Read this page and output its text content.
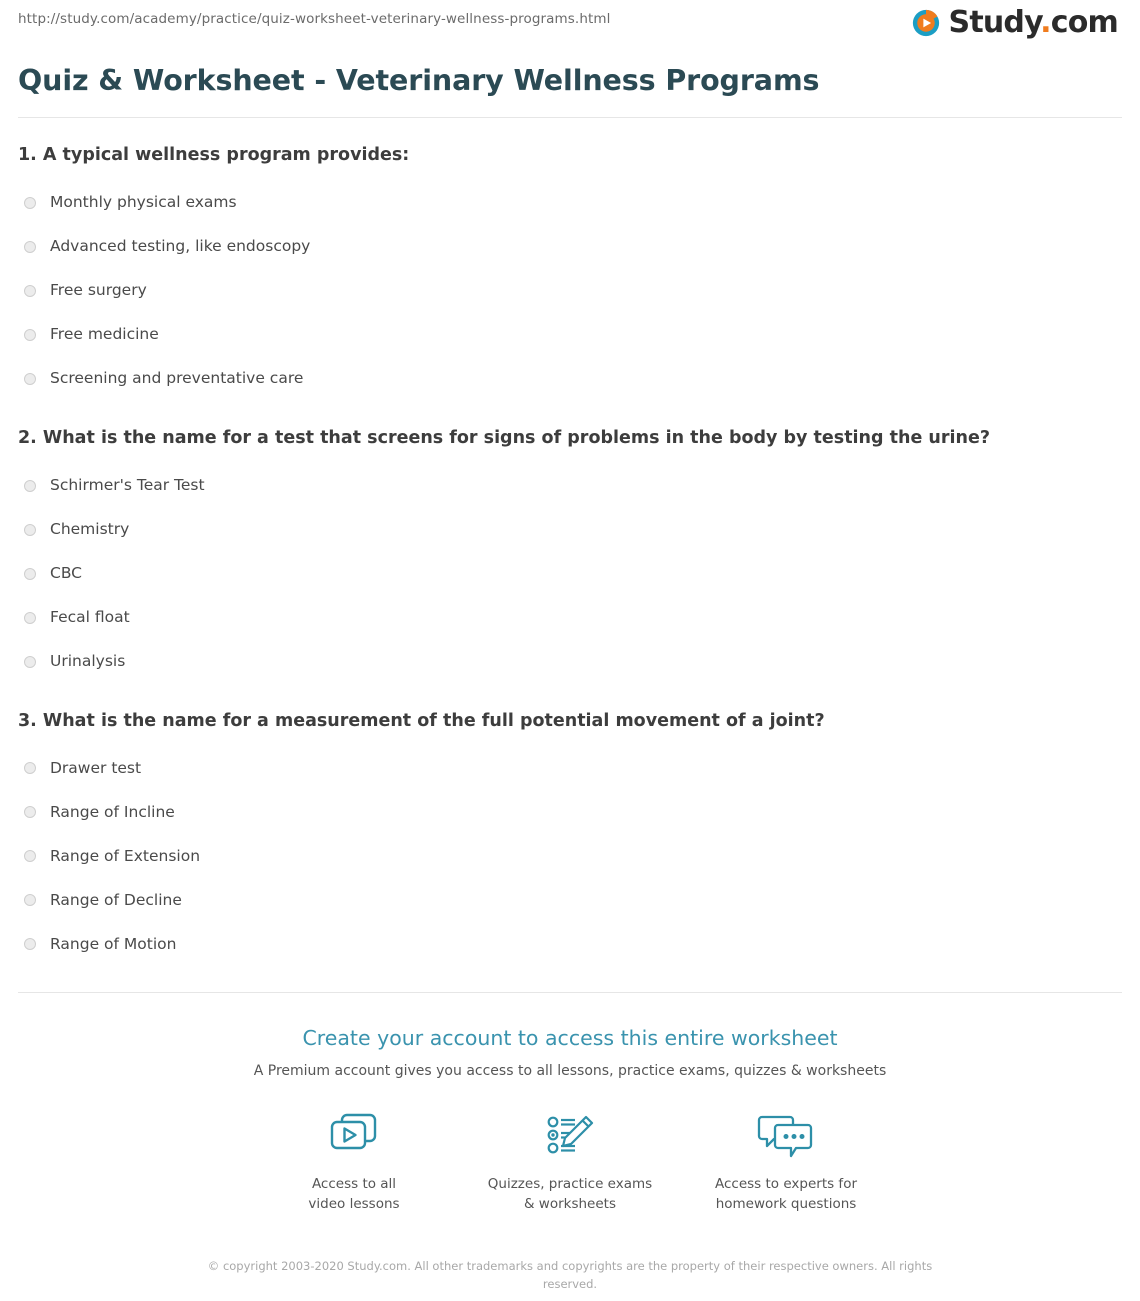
http://study.com/academy/practice/quiz-worksheet-veterinary-wellness-programs.html	Study.com
Quiz & Worksheet - Veterinary Wellness Programs

1. A typical wellness program provides:

Monthly physical exams
Advanced testing, like endoscopy
Free surgery
Free medicine
Screening and preventative care

2. What is the name for a test that screens for signs of problems in the body by testing the urine?

Schirmer's Tear Test
Chemistry
CBC
Fecal float
Urinalysis

3. What is the name for a measurement of the full potential movement of a joint?

Drawer test
Range of Incline
Range of Extension
Range of Decline
Range of Motion
Create your account to access this entire worksheet
A Premium account gives you access to all lessons, practice exams, quizzes & worksheets
Access to all
video lessons
Quizzes, practice exams
& worksheets
Access to experts for
homework questions
© copyright 2003-2020 Study.com. All other trademarks and copyrights are the property of their respective owners. All rights reserved.
